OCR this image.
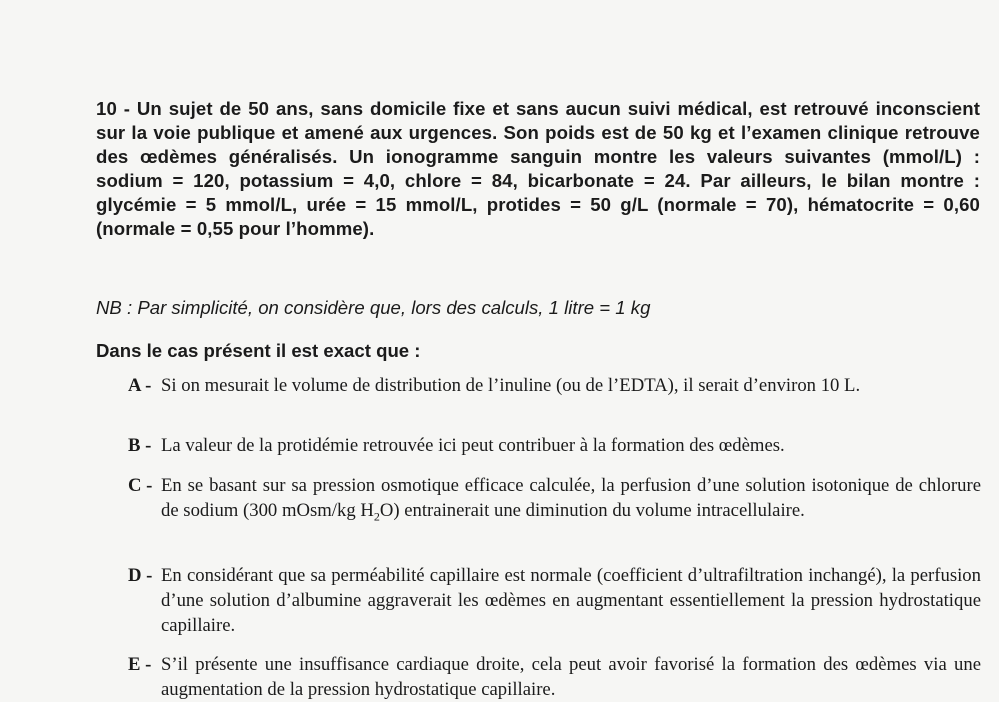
10 - Un sujet de 50 ans, sans domicile fixe et sans aucun suivi médical, est retrouvé inconscient sur la voie publique et amené aux urgences. Son poids est de 50 kg et l’examen clinique retrouve des œdèmes généralisés. Un ionogramme sanguin montre les valeurs suivantes (mmol/L) : sodium = 120, potassium = 4,0, chlore = 84, bicarbonate = 24. Par ailleurs, le bilan montre : glycémie = 5 mmol/L, urée = 15 mmol/L, protides = 50 g/L (normale = 70), hématocrite = 0,60 (normale = 0,55 pour l’homme).

NB : Par simplicité, on considère que, lors des calculs, 1 litre = 1 kg

Dans le cas présent il est exact que :

A - Si on mesurait le volume de distribution de l’inuline (ou de l’EDTA), il serait d’environ 10 L.
B - La valeur de la protidémie retrouvée ici peut contribuer à la formation des œdèmes.
C - En se basant sur sa pression osmotique efficace calculée, la perfusion d’une solution isotonique de chlorure de sodium (300 mOsm/kg $H_2O$) entrainerait une diminution du volume intracellulaire.
D - En considérant que sa perméabilité capillaire est normale (coefficient d’ultrafiltration inchangé), la perfusion d’une solution d’albumine aggraverait les œdèmes en augmentant essentiellement la pression hydrostatique capillaire.
E - S’il présente une insuffisance cardiaque droite, cela peut avoir favorisé la formation des œdèmes via une augmentation de la pression hydrostatique capillaire.
